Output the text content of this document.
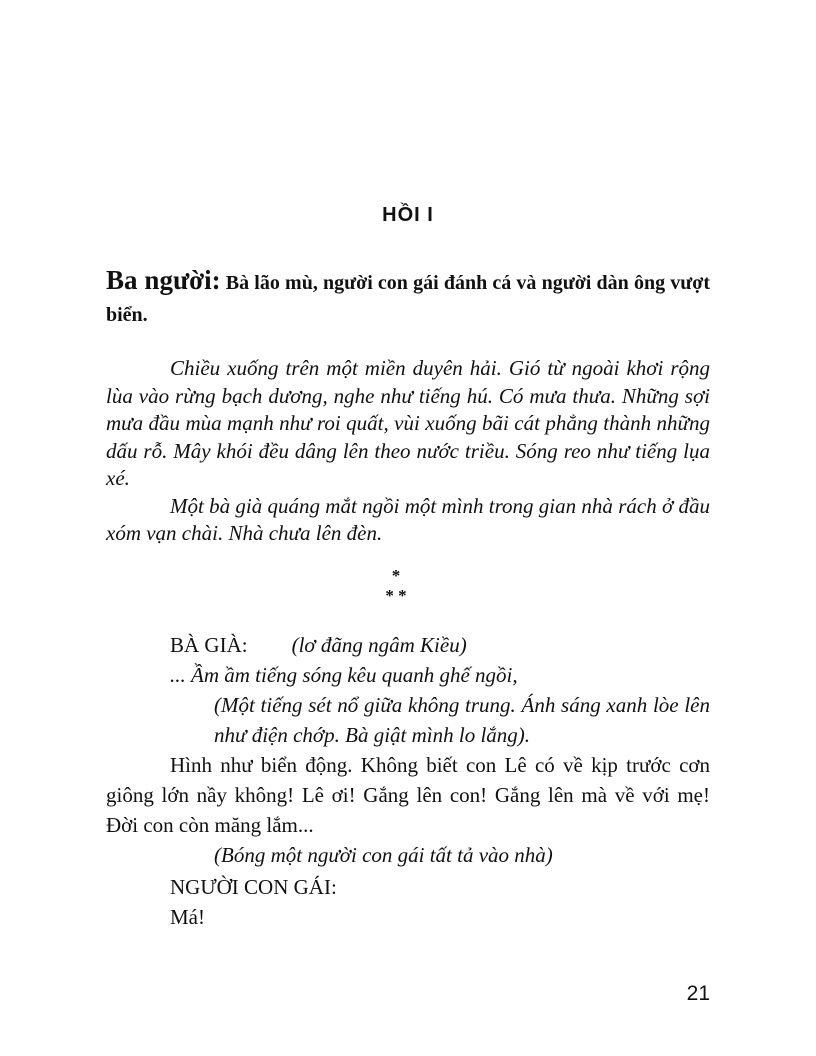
HỒI I
Ba người: Bà lão mù, người con gái đánh cá và người dàn ông vượt biển.

Chiều xuống trên một miền duyên hải. Gió từ ngoài khơi rộng lùa vào rừng bạch dương, nghe như tiếng hú. Có mưa thưa. Những sợi mưa đầu mùa mạnh như roi quất, vùi xuống bãi cát phẳng thành những dấu rỗ. Mây khói đều dâng lên theo nước triều. Sóng reo như tiếng lụa xé.

Một bà già quáng mắt ngồi một mình trong gian nhà rách ở đầu xóm vạn chài. Nhà chưa lên đèn.

*
* *
BÀ GIÀ: (lơ đãng ngâm Kiều)
... Ầm ầm tiếng sóng kêu quanh ghế ngồi,
(Một tiếng sét nổ giữa không trung. Ánh sáng xanh lòe lên như điện chớp. Bà giật mình lo lắng).
Hình như biển động. Không biết con Lê có về kịp trước cơn giông lớn nầy không! Lê ơi! Gắng lên con! Gắng lên mà về với mẹ! Đời con còn măng lắm...
(Bóng một người con gái tất tả vào nhà)
NGƯỜI CON GÁI:
Má!
21
